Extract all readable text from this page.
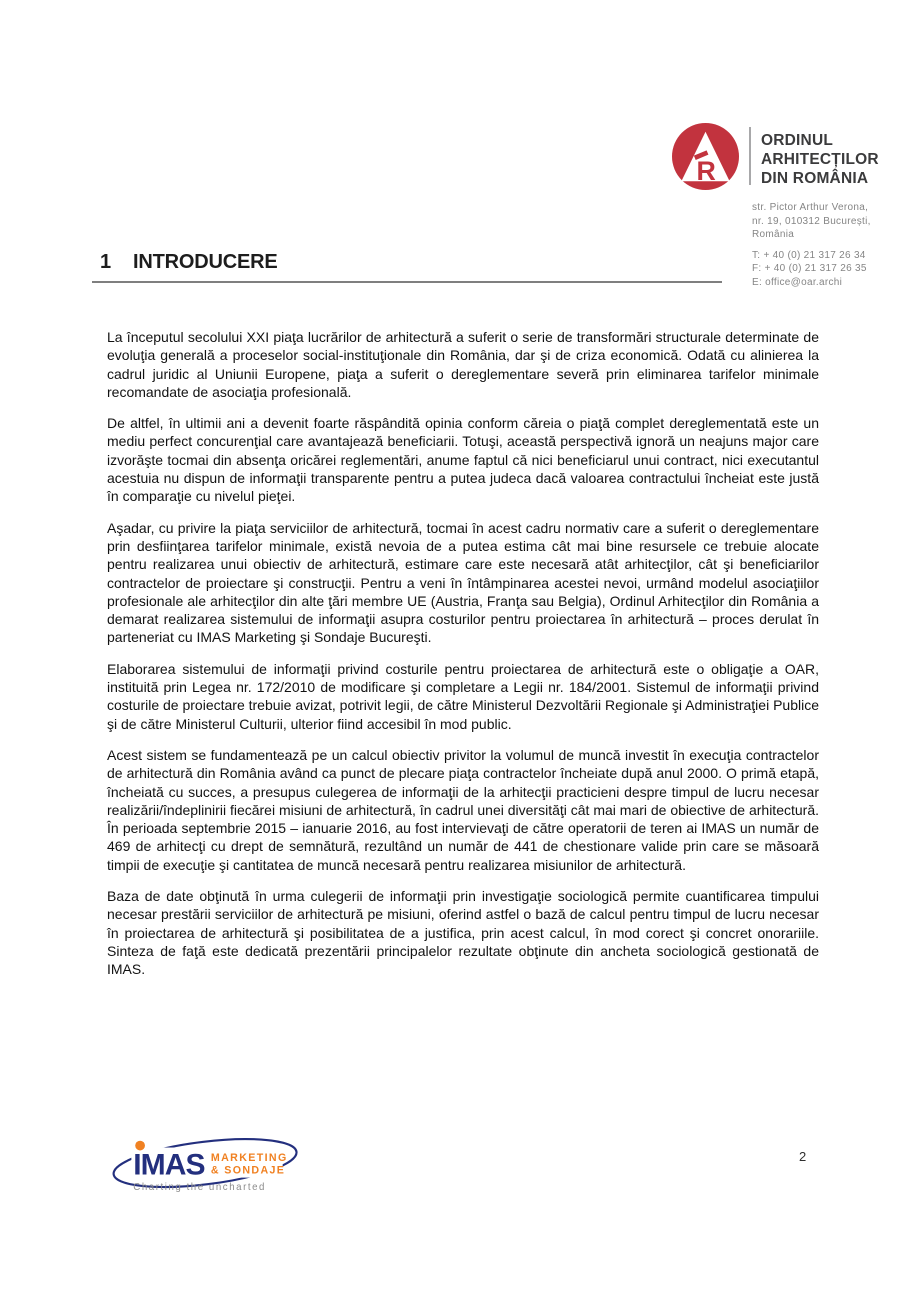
R
ORDINUL
ARHITECȚILOR
DIN ROMÂNIA
str. Pictor Arthur Verona,
nr. 19, 010312 București,
România
T: + 40 (0) 21 317 26 34
F: + 40 (0) 21 317 26 35
E: office@oar.archi
1	INTRODUCERE

La începutul secolului XXI piaţa lucrărilor de arhitectură a suferit o serie de transformări structurale determinate de evoluţia generală a proceselor social-instituţionale din România, dar şi de criza economică. Odată cu alinierea la cadrul juridic al Uniunii Europene, piaţa a suferit o dereglementare severă prin eliminarea tarifelor minimale recomandate de asociaţia profesională.

De altfel, în ultimii ani a devenit foarte răspândită opinia conform căreia o piaţă complet dereglementată este un mediu perfect concurenţial care avantajează beneficiarii. Totuşi, această perspectivă ignoră un neajuns major care izvorăşte tocmai din absenţa oricărei reglementări, anume faptul că nici beneficiarul unui contract, nici executantul acestuia nu dispun de informaţii transparente pentru a putea judeca dacă valoarea contractului încheiat este justă în comparaţie cu nivelul pieţei.

Aşadar, cu privire la piaţa serviciilor de arhitectură, tocmai în acest cadru normativ care a suferit o dereglementare prin desfiinţarea tarifelor minimale, există nevoia de a putea estima cât mai bine resursele ce trebuie alocate pentru realizarea unui obiectiv de arhitectură, estimare care este necesară atât arhitecţilor, cât şi beneficiarilor contractelor de proiectare şi construcţii. Pentru a veni în întâmpinarea acestei nevoi, urmând modelul asociaţiilor profesionale ale arhitecţilor din alte ţări membre UE (Austria, Franţa sau Belgia), Ordinul Arhitecţilor din România a demarat realizarea sistemului de informaţii asupra costurilor pentru proiectarea în arhitectură – proces derulat în parteneriat cu IMAS Marketing şi Sondaje Bucureşti.

Elaborarea sistemului de informaţii privind costurile pentru proiectarea de arhitectură este o obligaţie a OAR, instituită prin Legea nr. 172/2010 de modificare şi completare a Legii nr. 184/2001. Sistemul de informaţii privind costurile de proiectare trebuie avizat, potrivit legii, de către Ministerul Dezvoltării Regionale şi Administraţiei Publice şi de către Ministerul Culturii, ulterior fiind accesibil în mod public.

Acest sistem se fundamentează pe un calcul obiectiv privitor la volumul de muncă investit în execuţia contractelor de arhitectură din România având ca punct de plecare piaţa contractelor încheiate după anul 2000. O primă etapă, încheiată cu succes, a presupus culegerea de informaţii de la arhitecţii practicieni despre timpul de lucru necesar realizării/îndeplinirii fiecărei misiuni de arhitectură, în cadrul unei diversităţi cât mai mari de obiective de arhitectură. În perioada septembrie 2015 – ianuarie 2016, au fost intervievaţi de către operatorii de teren ai IMAS un număr de 469 de arhitecţi cu drept de semnătură, rezultând un număr de 441 de chestionare valide prin care se măsoară timpii de execuţie şi cantitatea de muncă necesară pentru realizarea misiunilor de arhitectură.

Baza de date obţinută în urma culegerii de informaţii prin investigaţie sociologică permite cuantificarea timpului necesar prestării serviciilor de arhitectură pe misiuni, oferind astfel o bază de calcul pentru timpul de lucru necesar în proiectarea de arhitectură şi posibilitatea de a justifica, prin acest calcul, în mod corect şi concret onorariile. Sinteza de faţă este dedicată prezentării principalelor rezultate obţinute din ancheta sociologică gestionată de IMAS.

IMAS MARKETING
& SONDAJE
Charting the uncharted
2
